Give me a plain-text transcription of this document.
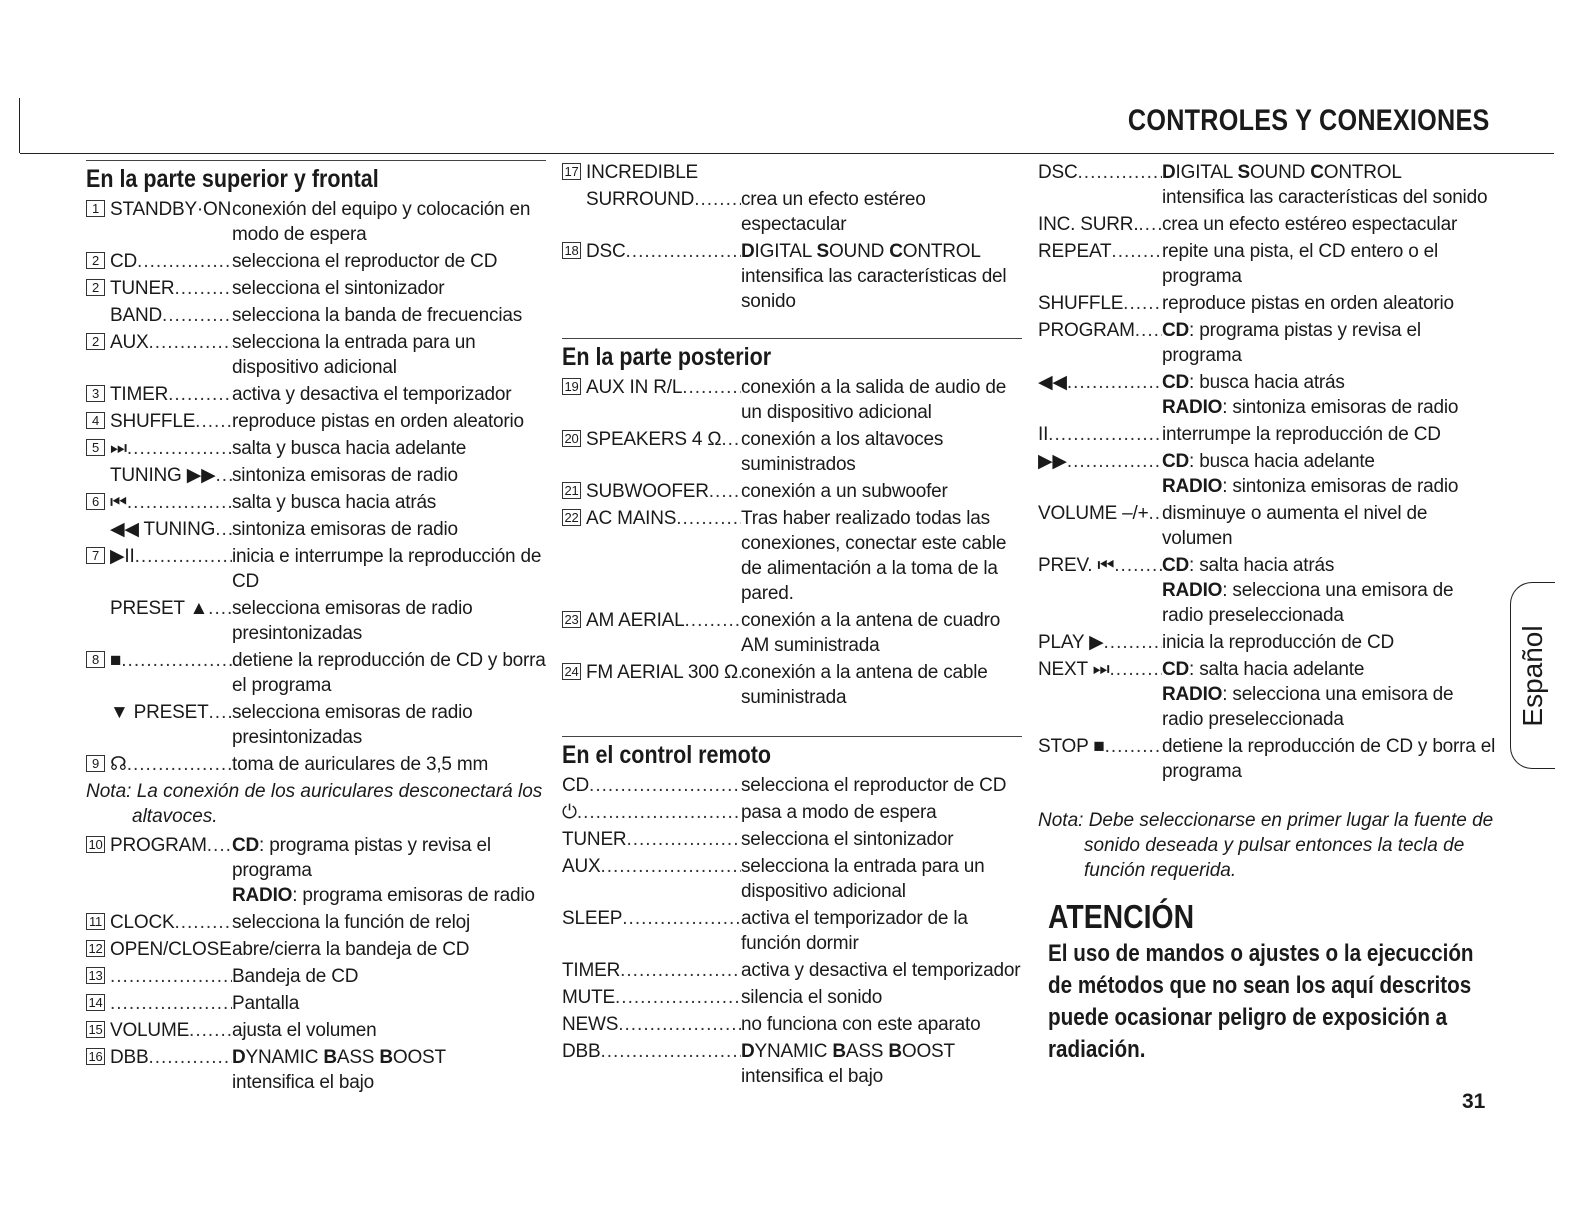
CONTROLES Y CONEXIONES
En la parte superior y frontal
1 STANDBY·ON ..... conexión del equipo y colocación en modo de espera
2 CD .....	selecciona el reproductor de CD
2 TUNER .....	selecciona el sintonizador
BAND .....	selecciona la banda de frecuencias
2 AUX .....	selecciona la entrada para un dispositivo adicional
3 TIMER .....	activa y desactiva el temporizador
4 SHUFFLE ..... reproduce pistas en orden aleatorio
5 ⏭ .....	salta y busca hacia adelante
TUNING ▶▶ ..... sintoniza emisoras de radio
6 ⏮ .....	salta y busca hacia atrás
◀◀ TUNING ..... sintoniza emisoras de radio
7 ▶II .....	inicia e interrumpe la reproducción de CD
PRESET ▲ ..... selecciona emisoras de radio presintonizadas
8 ■ .....	detiene la reproducción de CD y borra el programa
▼ PRESET ..... selecciona emisoras de radio presintonizadas
9 ☊ .....	toma de auriculares de 3,5 mm
Nota: La conexión de los auriculares desconectará los
altavoces.
10 PROGRAM ..... CD: programa pistas y revisa el programa
RADIO: programa emisoras de radio
11 CLOCK .....	selecciona la función de reloj
12 OPEN/CLOSE ..... abre/cierra la bandeja de CD
13 .....	Bandeja de CD
14 .....	Pantalla
15 VOLUME ..... ajusta el volumen
16 DBB .....	DYNAMIC BASS BOOST
intensifica el bajo
17 INCREDIBLE
SURROUND ..... crea un efecto estéreo espectacular
18 DSC .....	DIGITAL SOUND CONTROL
intensifica las características del sonido
En la parte posterior
19 AUX IN R/L .....	conexión a la salida de audio de un dispositivo adicional
20 SPEAKERS 4 Ω ..... conexión a los altavoces suministrados
21 SUBWOOFER ..... conexión a un subwoofer
22 AC MAINS .....	Tras haber realizado todas las conexiones, conectar este cable de alimentación a la toma de la pared.
23 AM AERIAL .....	conexión a la antena de cuadro AM suministrada
24 FM AERIAL 300 Ω ..... conexión a la antena de cable suministrada
En el control remoto
CD .....	selecciona el reproductor de CD
⏻ .....	pasa a modo de espera
TUNER .....	selecciona el sintonizador
AUX .....	selecciona la entrada para un dispositivo adicional
SLEEP .....	activa el temporizador de la función dormir
TIMER .....	activa y desactiva el temporizador
MUTE .....	silencia el sonido
NEWS .....	no funciona con este aparato
DBB .....	DYNAMIC BASS BOOST
intensifica el bajo
DSC .....	DIGITAL SOUND CONTROL
intensifica las características del sonido
INC. SURR. ..... crea un efecto estéreo espectacular
REPEAT .....	repite una pista, el CD entero o el programa
SHUFFLE ..... reproduce pistas en orden aleatorio
PROGRAM ..... CD: programa pistas y revisa el programa
◀◀ .....	CD: busca hacia atrás
RADIO: sintoniza emisoras de radio
II .....	interrumpe la reproducción de CD
▶▶ .....	CD: busca hacia adelante
RADIO: sintoniza emisoras de radio
VOLUME –/+ ..... disminuye o aumenta el nivel de volumen
PREV. ⏮ .....	CD: salta hacia atrás
RADIO: selecciona una emisora de radio preseleccionada
PLAY ▶ .....	inicia la reproducción de CD
NEXT ⏭ .....	CD: salta hacia adelante
RADIO: selecciona una emisora de radio preseleccionada
STOP ■ .....	detiene la reproducción de CD y borra el programa
Nota: Debe seleccionarse en primer lugar la fuente de
sonido deseada y pulsar entonces la tecla de función requerida.
ATENCIÓN
El uso de mandos o ajustes o la ejecucción de métodos que no sean los aquí descritos puede ocasionar peligro de exposición a radiación.
Español
31
